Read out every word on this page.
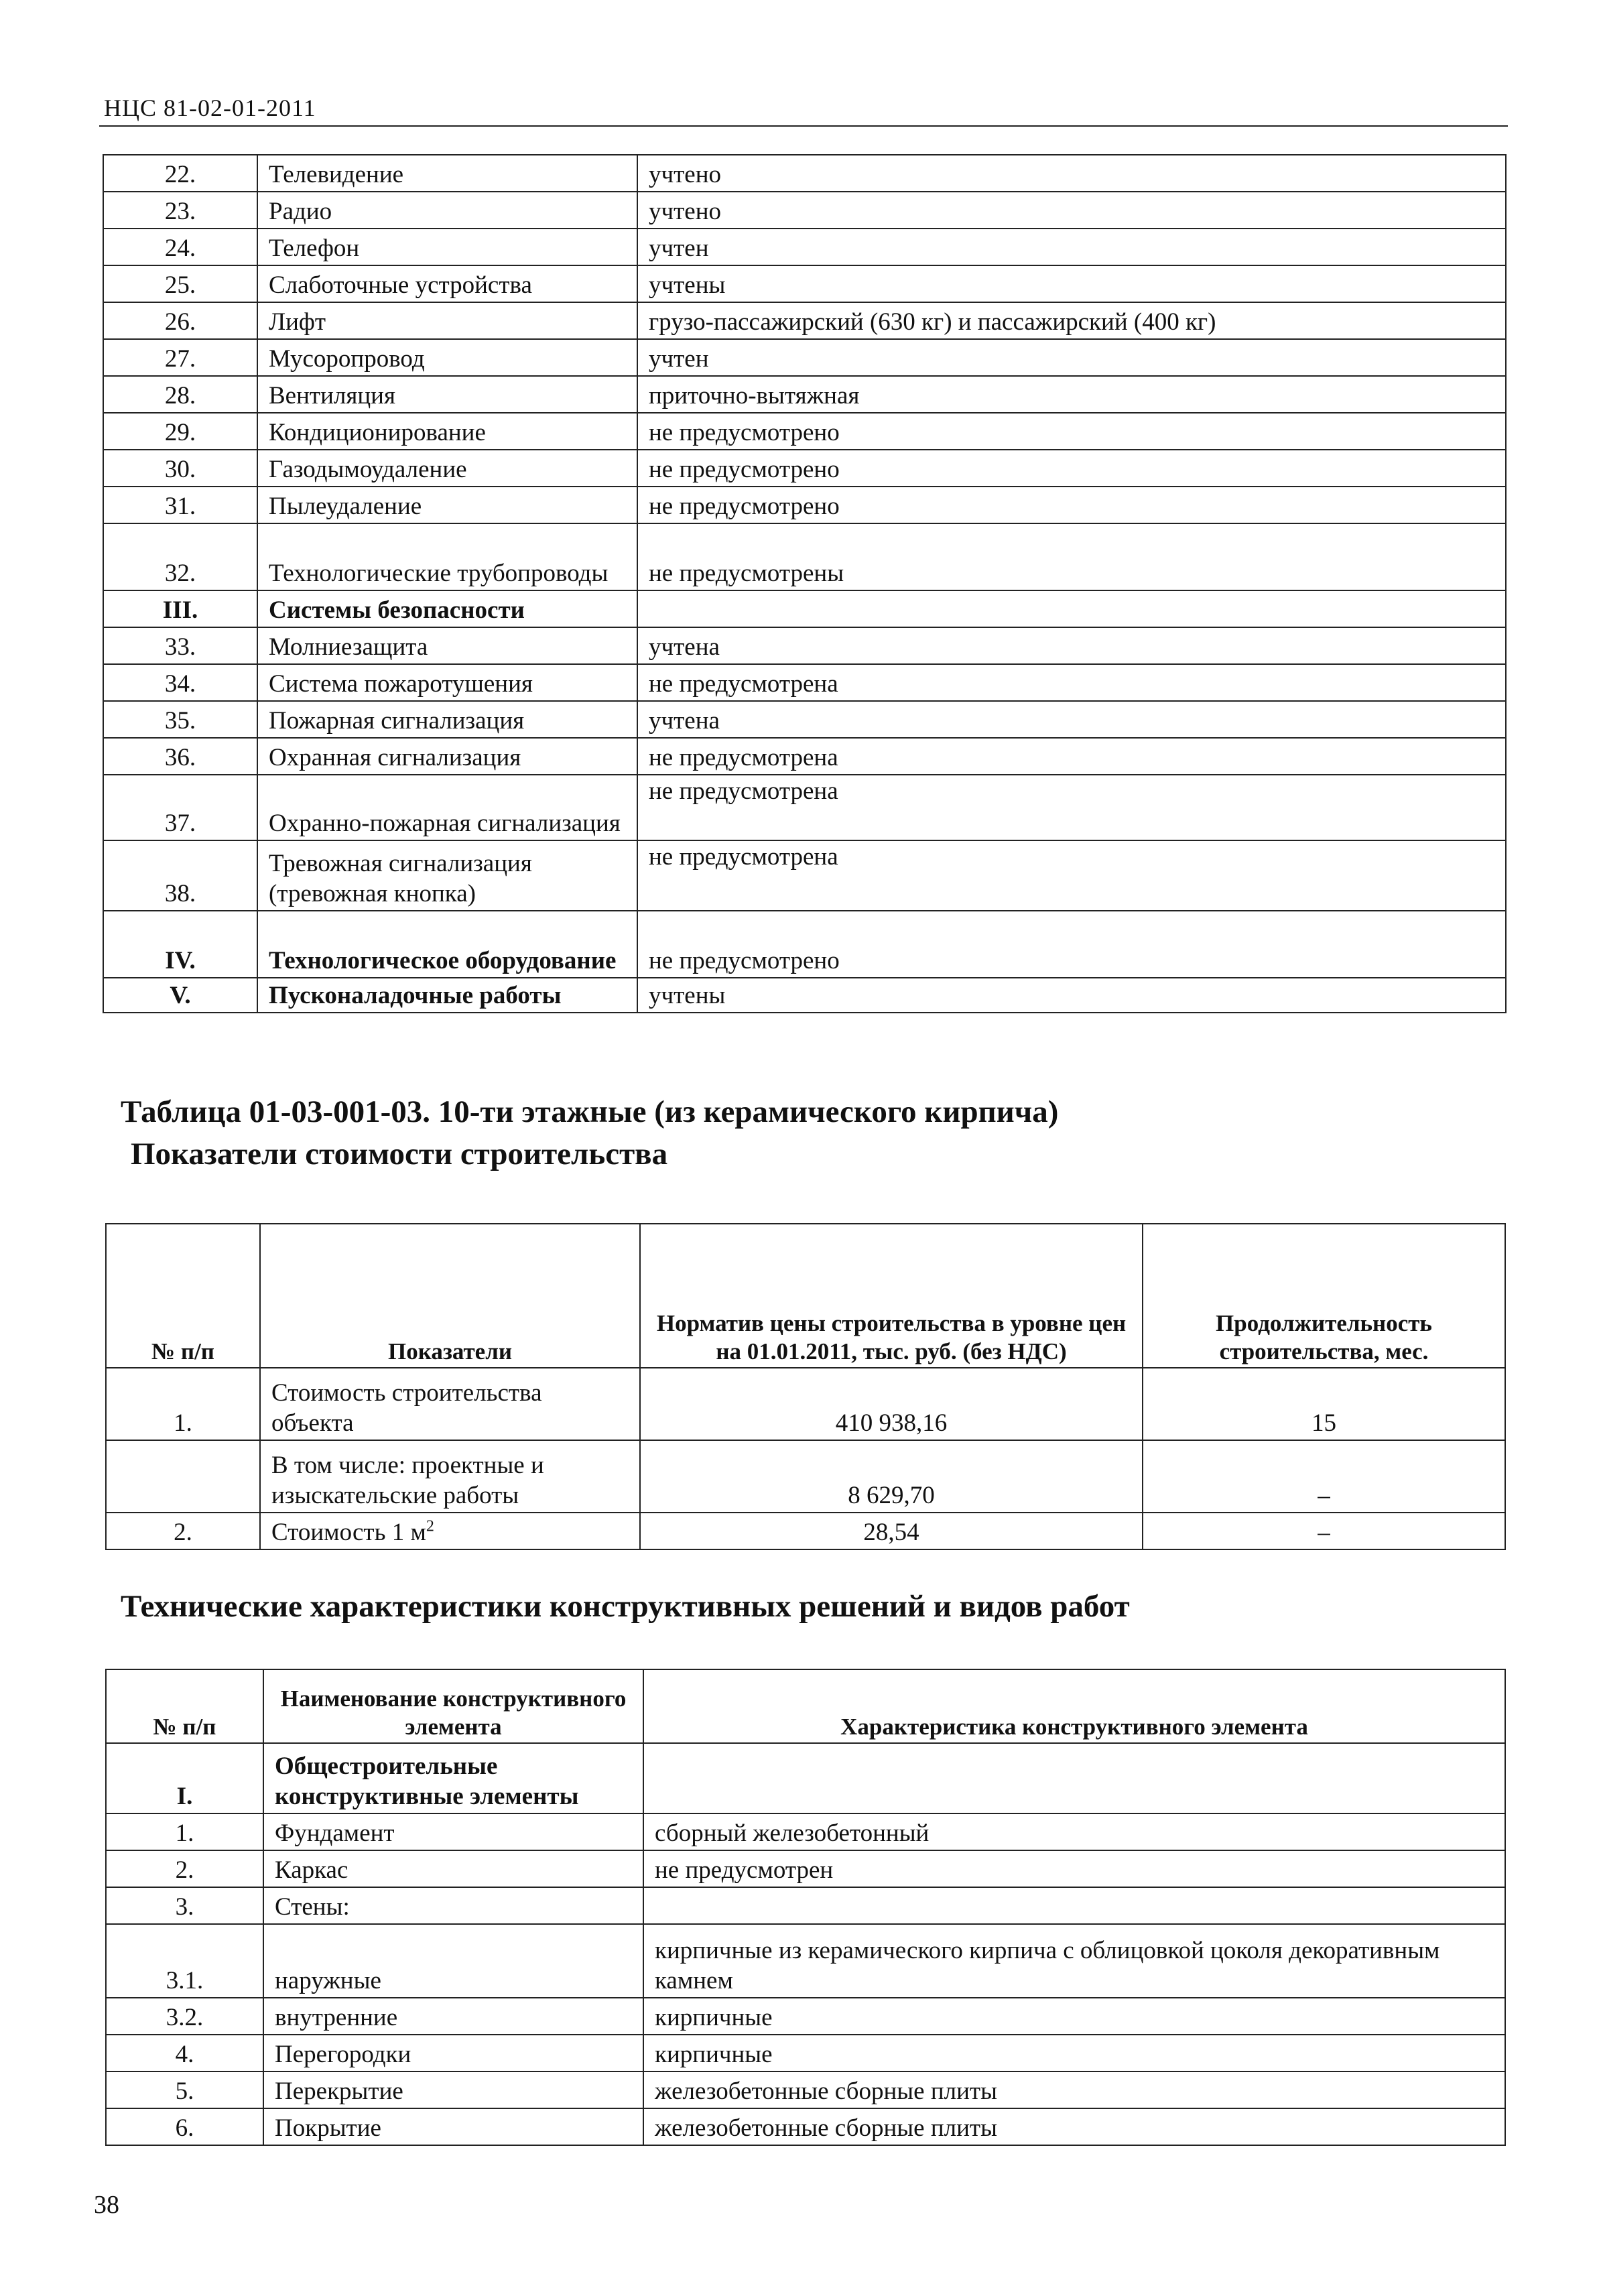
НЦС 81-02-01-2011
22.	Телевидение	учтено
23.	Радио	учтено
24.	Телефон	учтен
25.	Слаботочные устройства	учтены
26.	Лифт	грузо-пассажирский (630 кг) и пассажирский (400 кг)
27.	Мусоропровод	учтен
28.	Вентиляция	приточно-вытяжная
29.	Кондиционирование	не предусмотрено
30.	Газодымоудаление	не предусмотрено
31.	Пылеудаление	не предусмотрено
32.	Технологические трубопроводы	не предусмотрены
III.	Системы безопасности	
33.	Молниезащита	учтена
34.	Система пожаротушения	не предусмотрена
35.	Пожарная сигнализация	учтена
36.	Охранная сигнализация	не предусмотрена
37.	Охранно-пожарная сигнализация	не предусмотрена
38.	Тревожная сигнализация (тревожная кнопка)	не предусмотрена
IV.	Технологическое оборудование	не предусмотрено
V.	Пусконаладочные работы	учтены
Таблица 01-03-001-03. 10-ти этажные (из керамического кирпича)
Показатели стоимости строительства
№ п/п	Показатели	Норматив цены строительства в уровне цен на 01.01.2011, тыс. руб. (без НДС)	Продолжительность строительства, мес.
1.	Стоимость строительства объекта	410 938,16	15
	В том числе: проектные и изыскательские работы	8 629,70	–
2.	Стоимость 1 $м^2$	28,54	–
Технические характеристики конструктивных решений и видов работ
№ п/п	Наименование конструктивного элемента	Характеристика конструктивного элемента
I.	Общестроительные конструктивные элементы	
1.	Фундамент	сборный железобетонный
2.	Каркас	не предусмотрен
3.	Стены:	
3.1.	наружные	кирпичные из керамического кирпича с облицовкой цоколя декоративным камнем
3.2.	внутренние	кирпичные
4.	Перегородки	кирпичные
5.	Перекрытие	железобетонные сборные плиты
6.	Покрытие	железобетонные сборные плиты
38
